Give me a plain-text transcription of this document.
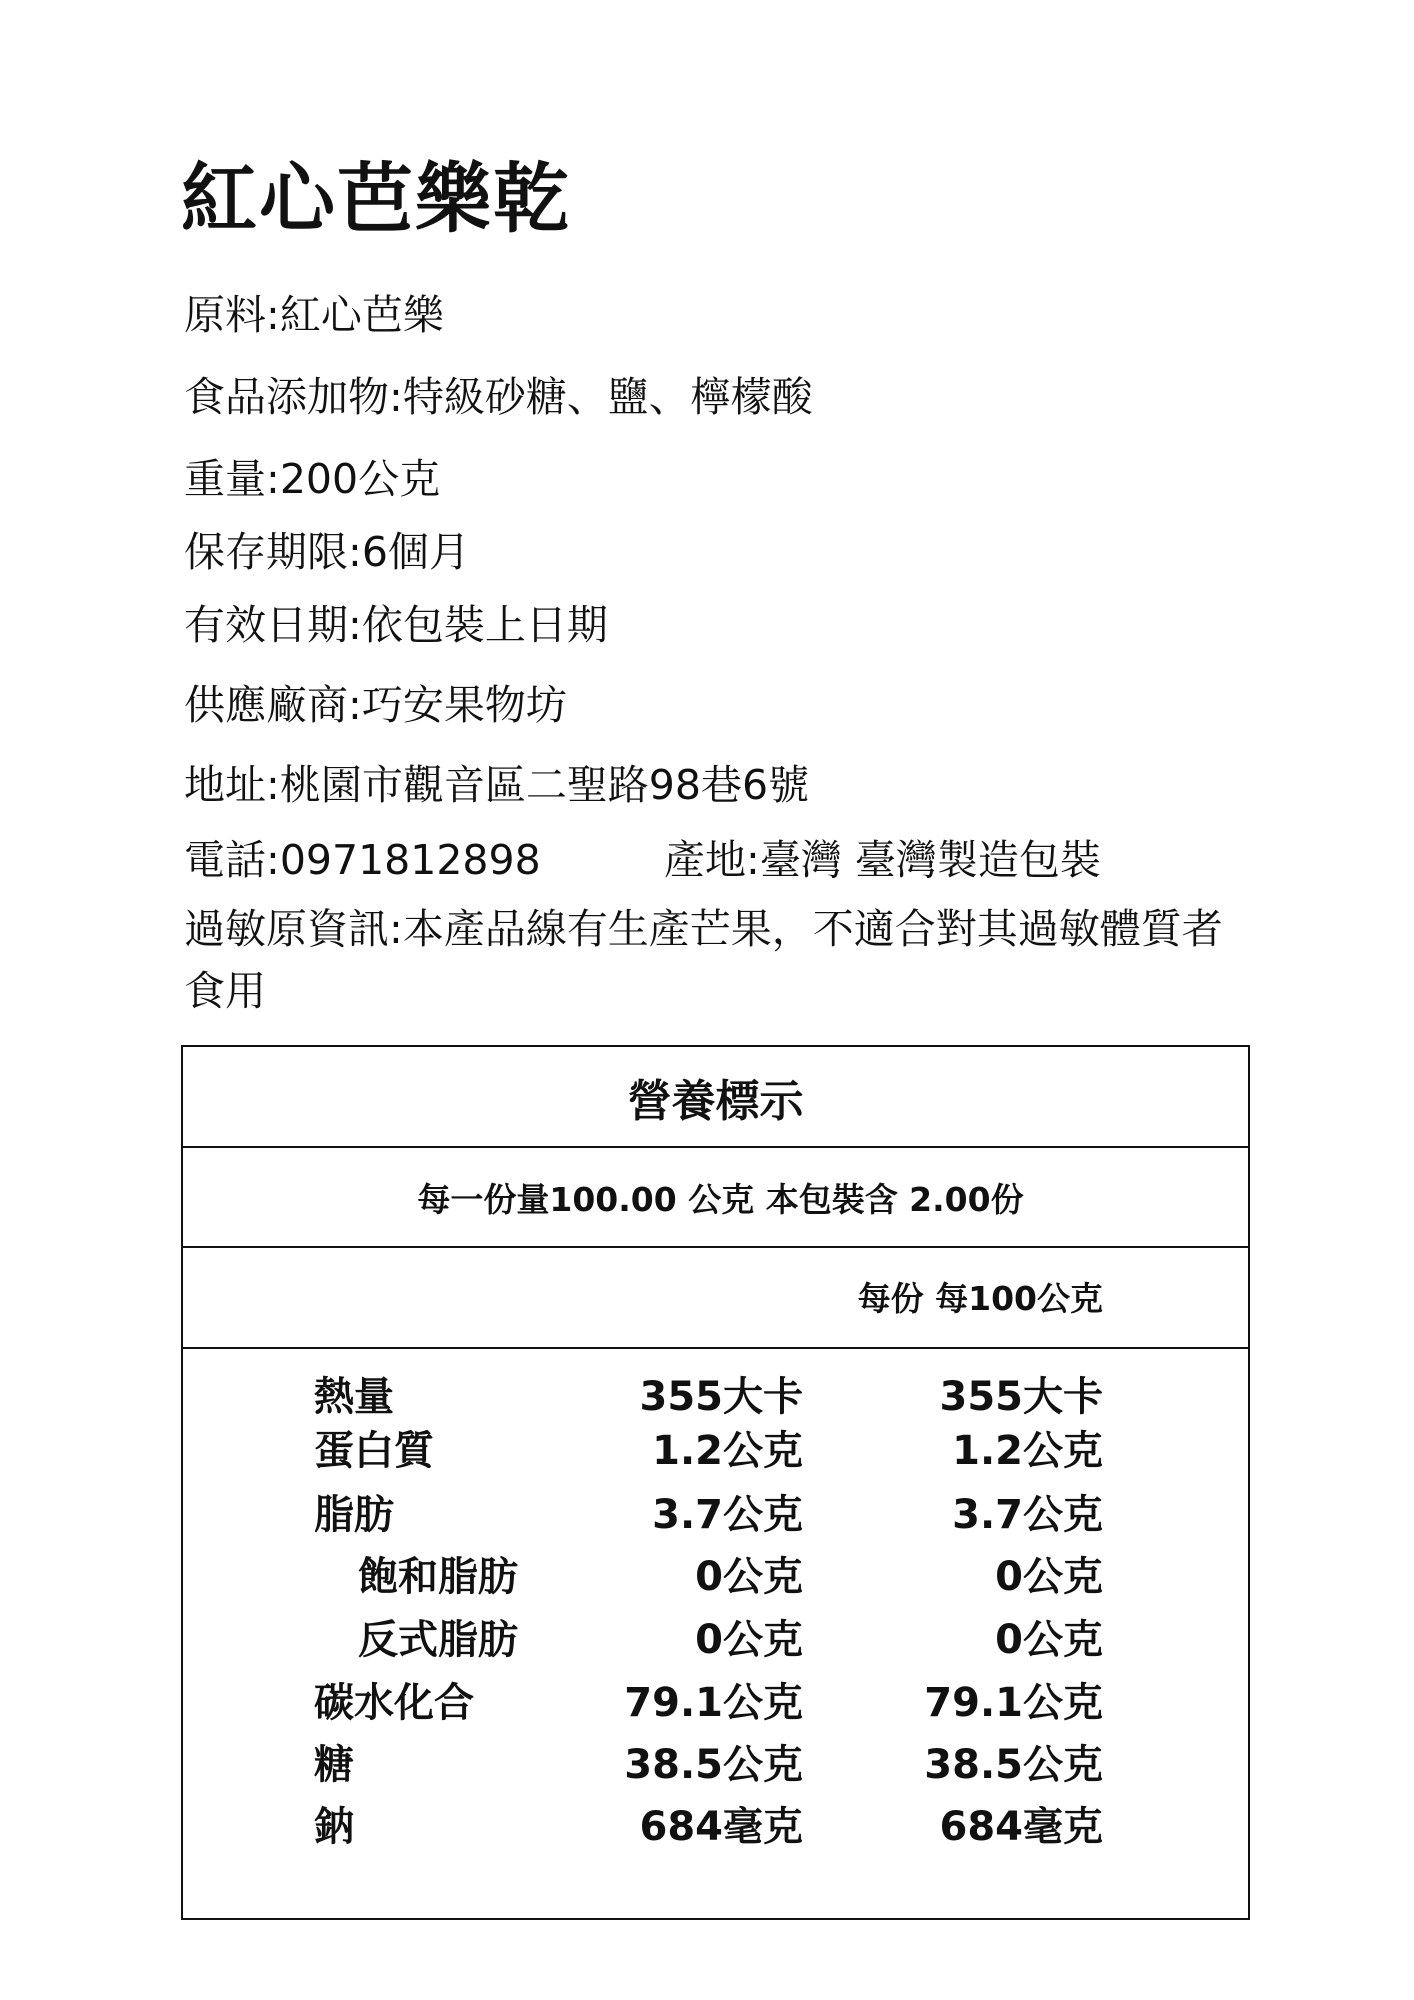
紅心芭樂乾
原料:紅心芭樂
食品添加物:特級砂糖、鹽、檸檬酸
重量:200公克
保存期限:6個月
有效日期:依包裝上日期
供應廠商:巧安果物坊
地址:桃園市觀音區二聖路98巷6號
電話:0971812898	產地:臺灣 臺灣製造包裝
過敏原資訊:本產品線有生產芒果，不適合對其過敏體質者食用
營養標示
每一份量100.00 公克 本包裝含 2.00份
每份 每100公克
熱量	355大卡	355大卡
蛋白質	1.2公克	1.2公克
脂肪	3.7公克	3.7公克
飽和脂肪	0公克	0公克
反式脂肪	0公克	0公克
碳水化合	79.1公克	79.1公克
糖	38.5公克	38.5公克
鈉	684毫克	684毫克
